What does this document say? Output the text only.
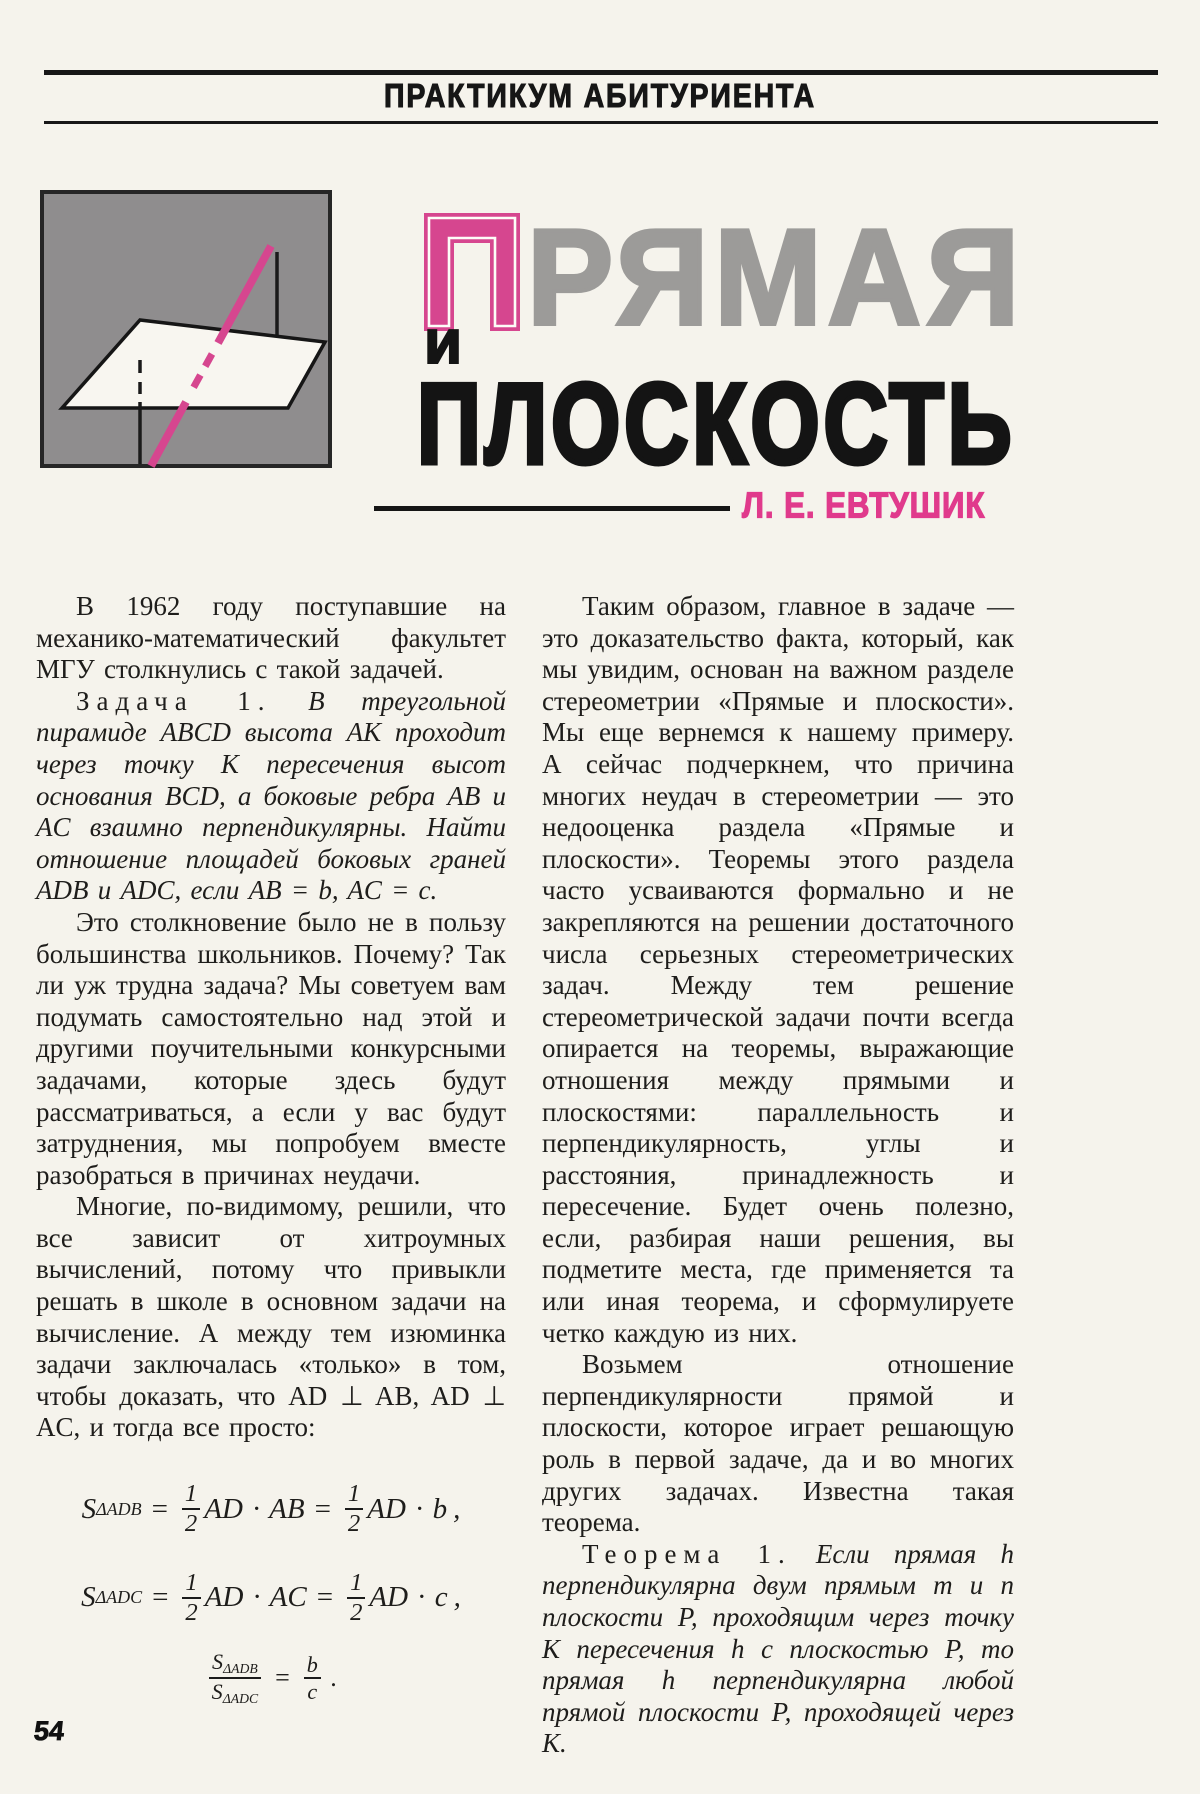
ПРАКТИКУМ АБИТУРИЕНТА
РЯМАЯ
и
ПЛОСКОСТЬ
Л. Е. ЕВТУШИК

В 1962 году поступавшие на механико-математический факультет МГУ столкнулись с такой задачей.

Задача 1. В треугольной пирамиде ABCD высота AK проходит через точку K пересечения высот основания BCD, а боковые ребра AB и AC взаимно перпендикулярны. Найти отношение площадей боковых граней ADB и ADC, если AB = b, AC = c.

Это столкновение было не в пользу большинства школьников. Почему? Так ли уж трудна задача? Мы советуем вам подумать самостоятельно над этой и другими поучительными конкурсными задачами, которые здесь будут рассматриваться, а если у вас будут затруднения, мы попробуем вместе разобраться в причинах неудачи.

Многие, по-видимому, решили, что все зависит от хитроумных вычислений, потому что привыкли решать в школе в основном задачи на вычисление. А между тем изюминка задачи заключалась «только» в том, чтобы доказать, что AD ⊥ AB, AD ⊥ AC, и тогда все просто:

S $\Delta ADB = \frac{1}{2}$ AD · AB = $\frac{1}{2}$ AD · b ,
S $\Delta ADC = \frac{1}{2}$ AD · AC = $\frac{1}{2}$ AD · c ,
$\frac{S_{\Delta ADB}}{S_{\Delta ADC}} = \frac{b}{c}$ .

Таким образом, главное в задаче — это доказательство факта, который, как мы увидим, основан на важном разделе стереометрии «Прямые и плоскости». Мы еще вернемся к нашему примеру. А сейчас подчеркнем, что причина многих неудач в стереометрии — это недооценка раздела «Прямые и плоскости». Теоремы этого раздела часто усваиваются формально и не закрепляются на решении достаточного числа серьезных стереометрических задач. Между тем решение стереометрической задачи почти всегда опирается на теоремы, выражающие отношения между прямыми и плоскостями: параллельность и перпендикулярность, углы и расстояния, принадлежность и пересечение. Будет очень полезно, если, разбирая наши решения, вы подметите места, где применяется та или иная теорема, и сформулируете четко каждую из них.

Возьмем отношение перпендикулярности прямой и плоскости, которое играет решающую роль в первой задаче, да и во многих других задачах. Известна такая теорема.

Теорема 1. Если прямая h перпендикулярна двум прямым m и n плоскости P, проходящим через точку K пересечения h с плоскостью P, то прямая h перпендикулярна любой прямой плоскости P, проходящей через K.

54
